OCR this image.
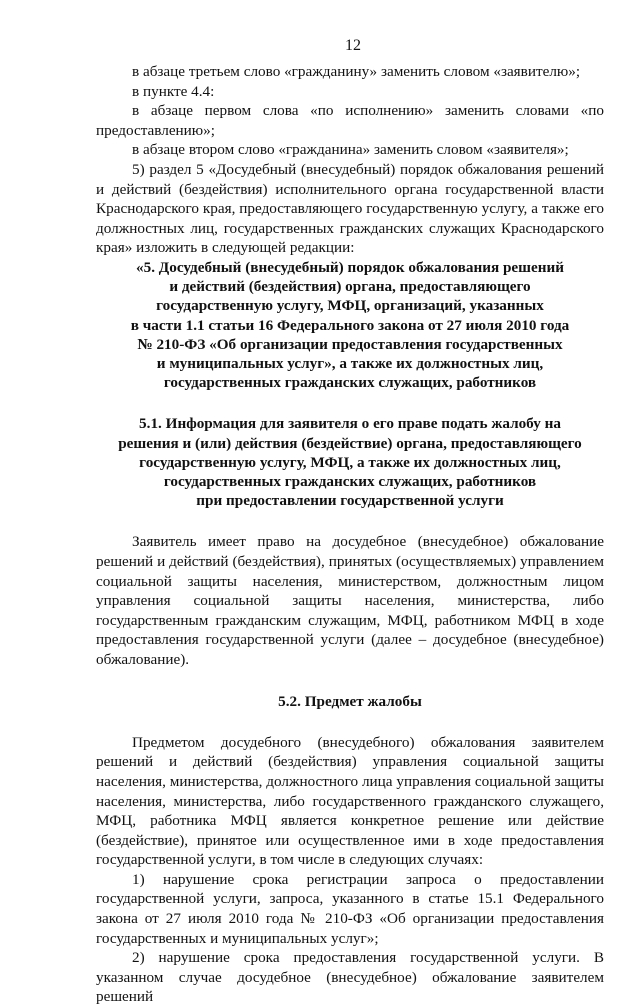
12

в абзаце третьем слово «гражданину» заменить словом «заявителю»;

в пункте 4.4:

в абзаце первом слова «по исполнению» заменить словами «по предоставлению»;

в абзаце втором слово «гражданина» заменить словом «заявителя»;

5) раздел 5 «Досудебный (внесудебный) порядок обжалования решений и действий (бездействия) исполнительного органа государственной власти Краснодарского края, предоставляющего государственную услугу, а также его должностных лиц, государственных гражданских служащих Краснодарского края» изложить в следующей редакции:

«5. Досудебный (внесудебный) порядок обжалования решений
и действий (бездействия) органа, предоставляющего
государственную услугу, МФЦ, организаций, указанных
в части 1.1 статьи 16 Федерального закона от 27 июля 2010 года
№ 210-ФЗ «Об организации предоставления государственных
и муниципальных услуг», а также их должностных лиц,
государственных гражданских служащих, работников
5.1. Информация для заявителя о его праве подать жалобу на
решения и (или) действия (бездействие) органа, предоставляющего
государственную услугу, МФЦ, а также их должностных лиц,
государственных гражданских служащих, работников
при предоставлении государственной услуги

Заявитель имеет право на досудебное (внесудебное) обжалование решений и действий (бездействия), принятых (осуществляемых) управлением социальной защиты населения, министерством, должностным лицом управления социальной защиты населения, министерства, либо государственным гражданским служащим, МФЦ, работником МФЦ в ходе предоставления государственной услуги (далее – досудебное (внесудебное) обжалование).

5.2. Предмет жалобы

Предметом досудебного (внесудебного) обжалования заявителем решений и действий (бездействия) управления социальной защиты населения, министерства, должностного лица управления социальной защиты населения, министерства, либо государственного гражданского служащего, МФЦ, работника МФЦ является конкретное решение или действие (бездействие), принятое или осуществленное ими в ходе предоставления государственной услуги, в том числе в следующих случаях:

1) нарушение срока регистрации запроса о предоставлении государственной услуги, запроса, указанного в статье 15.1 Федерального закона от 27 июля 2010 года № 210-ФЗ «Об организации предоставления государственных и муниципальных услуг»;

2) нарушение срока предоставления государственной услуги. В указанном случае досудебное (внесудебное) обжалование заявителем решений
